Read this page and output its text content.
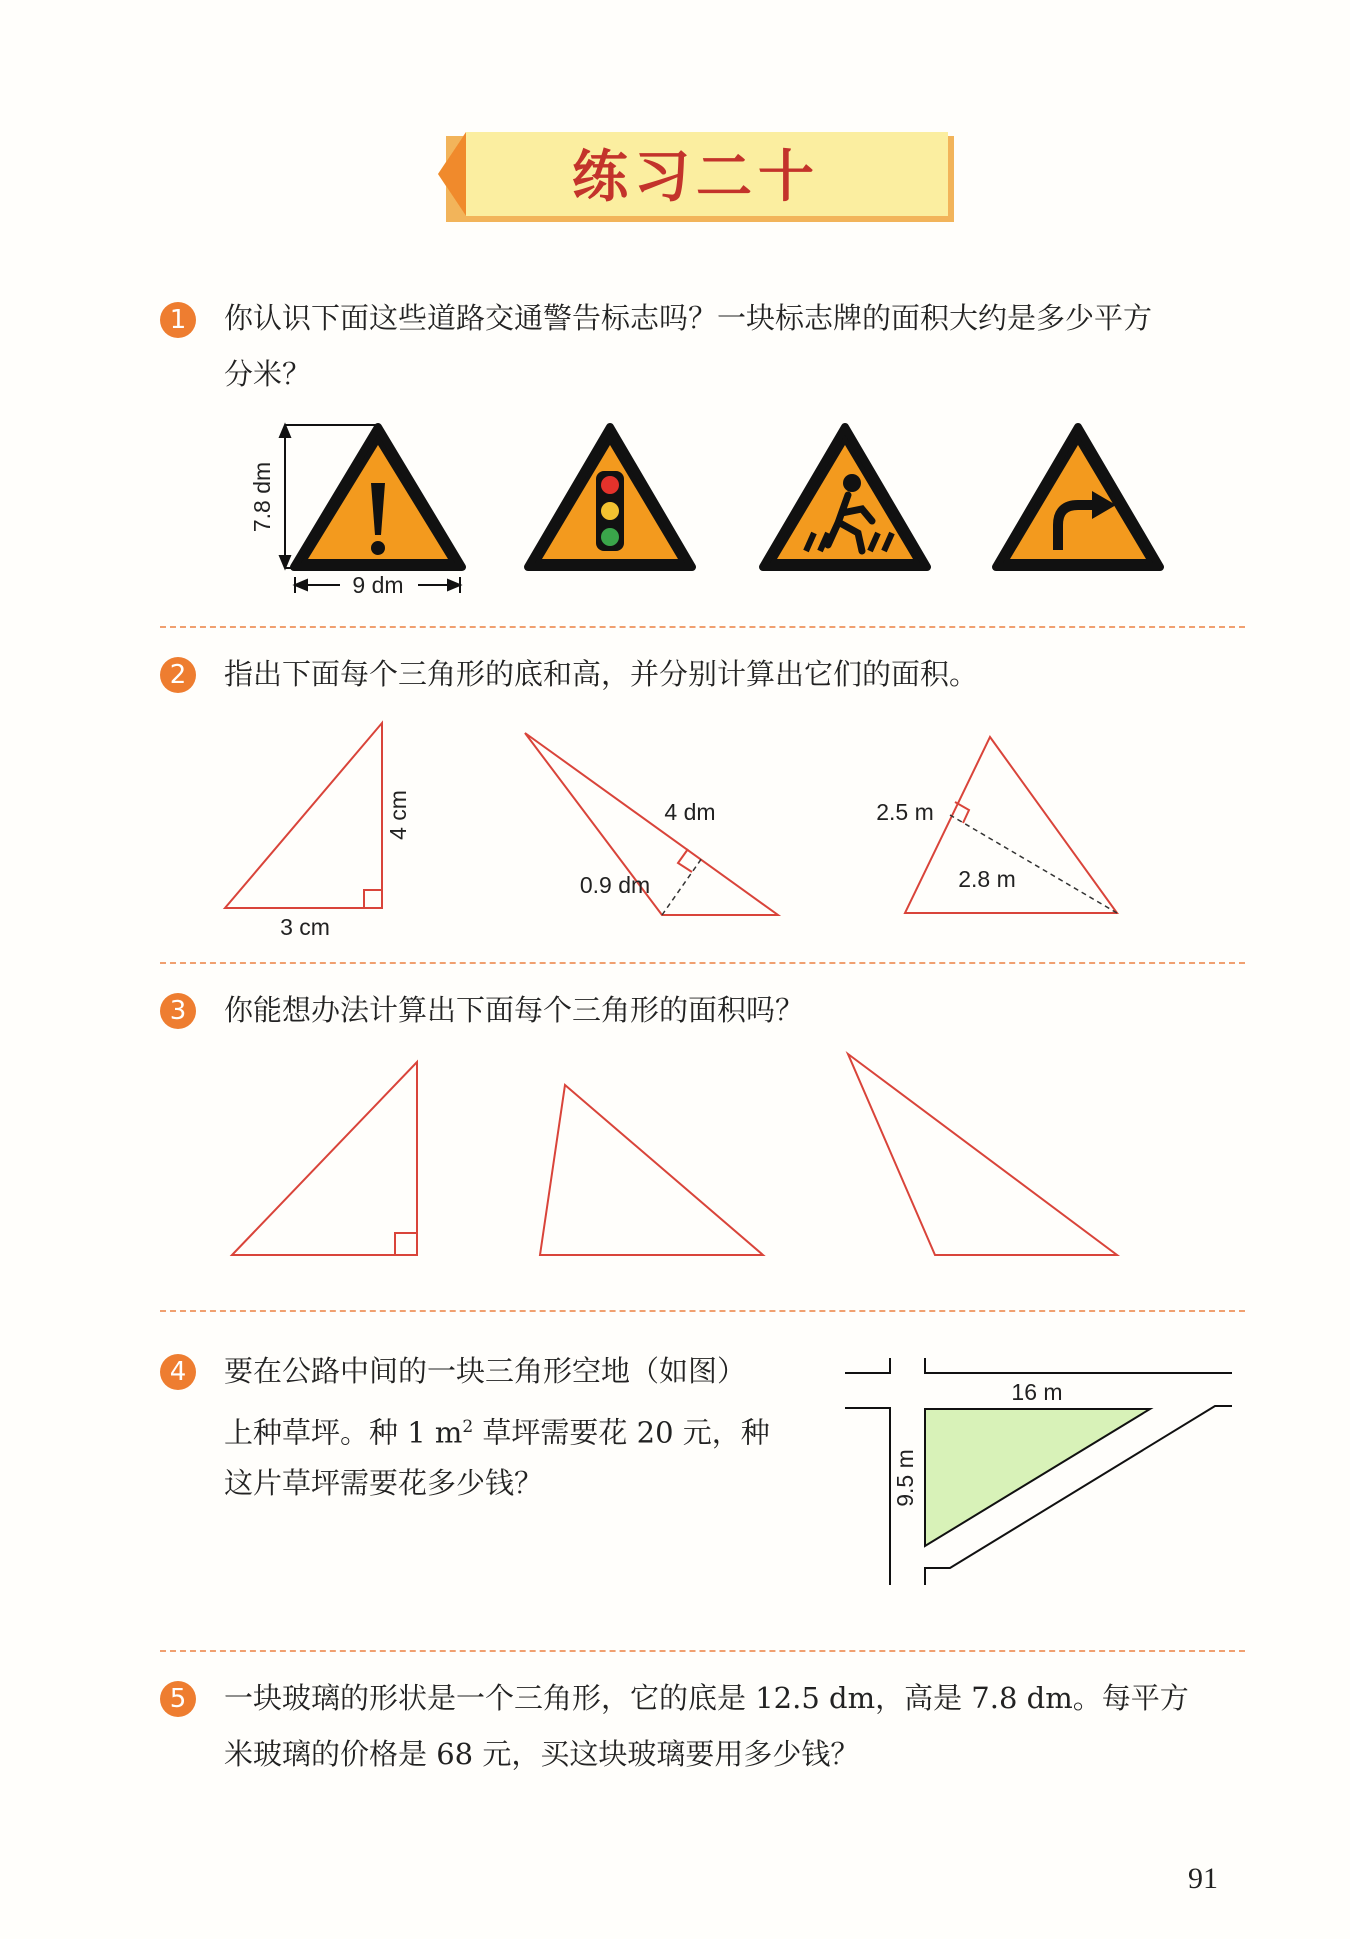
练习二十
1	你认识下面这些道路交通警告标志吗？一块标志牌的面积大约是多少平方
分米？
7.8 dm
9 dm
2	指出下面每个三角形的底和高，并分别计算出它们的面积。
3 cm
4 cm	4 dm
0.9 dm
2.5 m
2.8 m
3	你能想办法计算出下面每个三角形的面积吗？
4	要在公路中间的一块三角形空地（如图）
上种草坪。种 1 $m^2$ 草坪需要花 20 元，种
这片草坪需要花多少钱？
16 m
9.5 m
5	一块玻璃的形状是一个三角形，它的底是 12.5 dm，高是 7.8 dm。每平方
米玻璃的价格是 68 元，买这块玻璃要用多少钱？
91
